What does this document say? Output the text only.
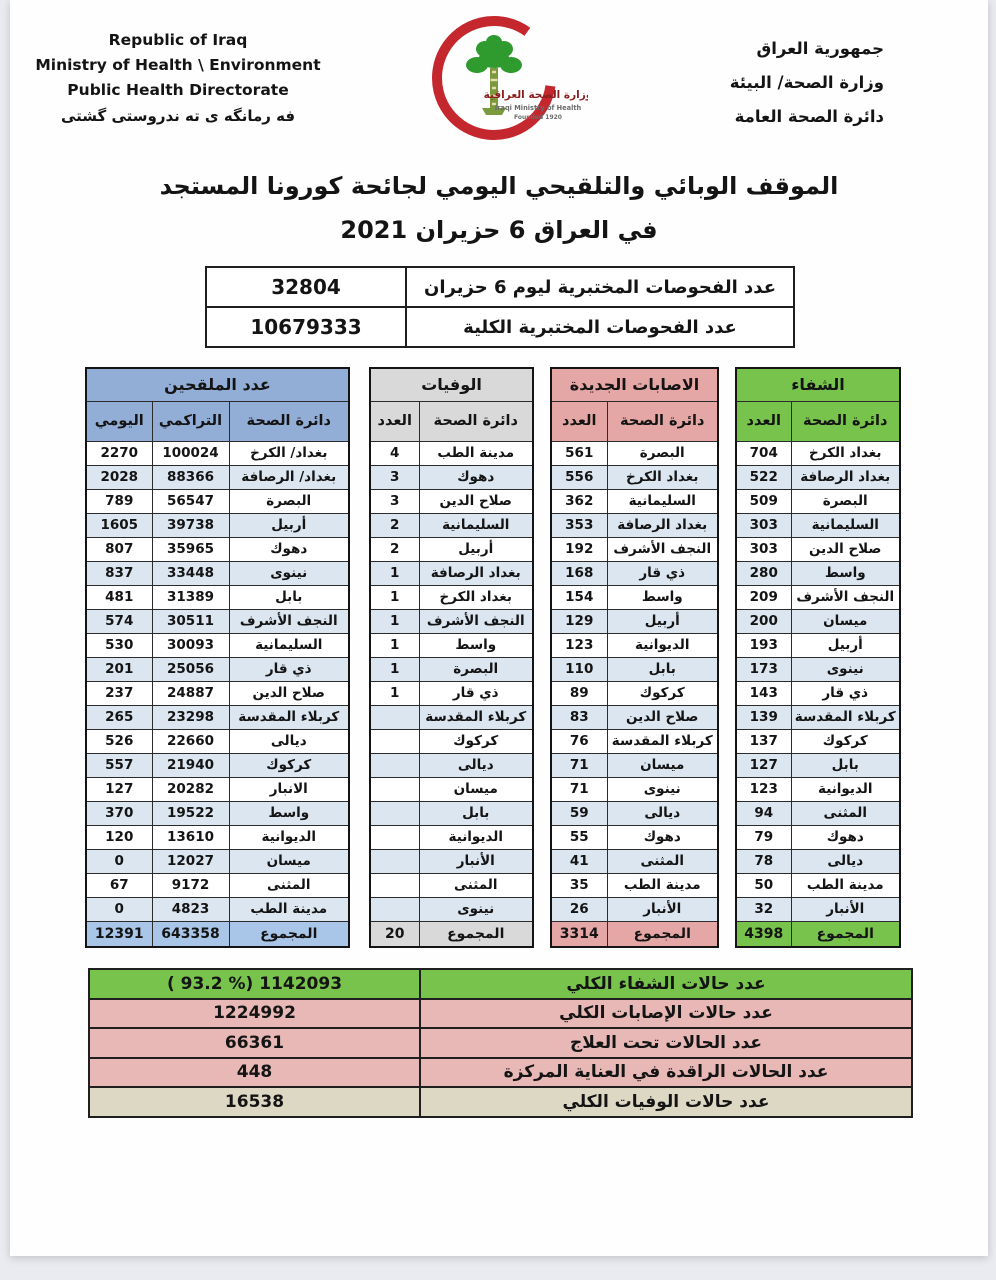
Republic of Iraq
Ministry of Health \ Environment
Public Health Directorate
فه رمانگه ی ته ندروستی گشتی
وزارة الصحة العراقية
Iraqi Ministry of Health
Founded 1920
جمهورية العراق
وزارة الصحة/ البيئة
دائرة الصحة العامة
الموقف الوبائي والتلقيحي اليومي لجائحة كورونا المستجد
في العراق 6 حزيران 2021
32804	عدد الفحوصات المختبرية ليوم 6 حزيران
10679333	عدد الفحوصات المختبرية الكلية
عدد الملقحين		
اليومي	التراكمي	دائرة الصحة
2270	100024	بغداد/ الكرخ
2028	88366	بغداد/ الرصافة
789	56547	البصرة
1605	39738	أربيل
807	35965	دهوك
837	33448	نينوى
481	31389	بابل
574	30511	النجف الأشرف
530	30093	السليمانية
201	25056	ذي قار
237	24887	صلاح الدين
265	23298	كربلاء المقدسة
526	22660	ديالى
557	21940	كركوك
127	20282	الانبار
370	19522	واسط
120	13610	الديوانية
0	12027	ميسان
67	9172	المثنى
0	4823	مدينة الطب
12391	643358	المجموع
الوفيات	
العدد	دائرة الصحة
4	مدينة الطب
3	دهوك
3	صلاح الدين
2	السليمانية
2	أربيل
1	بغداد الرصافة
1	بغداد الكرخ
1	النجف الأشرف
1	واسط
1	البصرة
1	ذي قار
	كربلاء المقدسة
	كركوك
	ديالى
	ميسان
	بابل
	الديوانية
	الأنبار
	المثنى
	نينوى
20	المجموع
الاصابات الجديدة	
العدد	دائرة الصحة
561	البصرة
556	بغداد الكرخ
362	السليمانية
353	بغداد الرصافة
192	النجف الأشرف
168	ذي قار
154	واسط
129	أربيل
123	الديوانية
110	بابل
89	كركوك
83	صلاح الدين
76	كربلاء المقدسة
71	ميسان
71	نينوى
59	ديالى
55	دهوك
41	المثنى
35	مدينة الطب
26	الأنبار
3314	المجموع
الشفاء	
العدد	دائرة الصحة
704	بغداد الكرخ
522	بغداد الرصافة
509	البصرة
303	السليمانية
303	صلاح الدين
280	واسط
209	النجف الأشرف
200	ميسان
193	أربيل
173	نينوى
143	ذي قار
139	كربلاء المقدسة
137	كركوك
127	بابل
123	الديوانية
94	المثنى
79	دهوك
78	ديالى
50	مدينة الطب
32	الأنبار
4398	المجموع
( 93.2 %) 1142093	عدد حالات الشفاء الكلي
1224992	عدد حالات الإصابات الكلي
66361	عدد الحالات تحت العلاج
448	عدد الحالات الراقدة في العناية المركزة
16538	عدد حالات الوفيات الكلي
